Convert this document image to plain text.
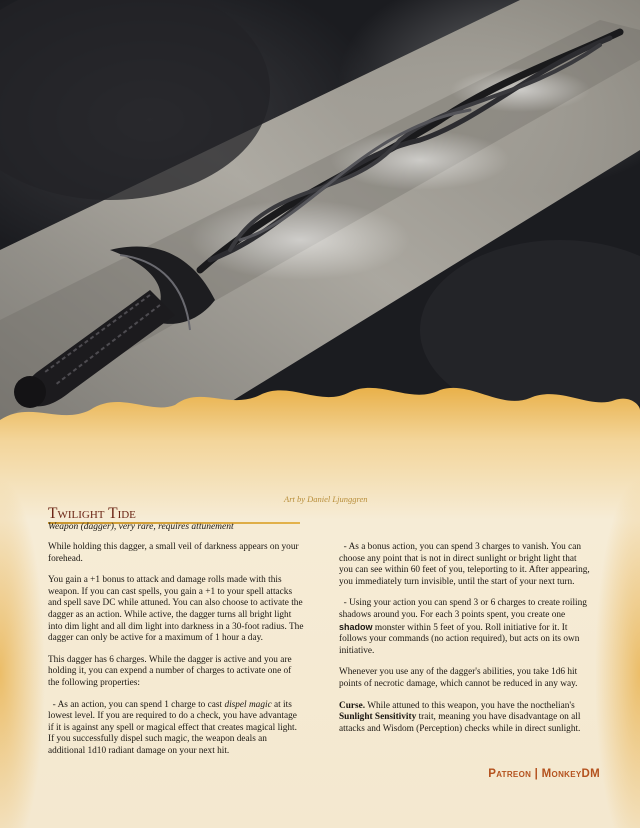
Art by Daniel Ljunggren
Twilight Tide
Weapon (dagger), very rare, requires attunement

While holding this dagger, a small veil of darkness appears on your forehead.

You gain a +1 bonus to attack and damage rolls made with this weapon. If you can cast spells, you gain a +1 to your spell attacks and spell save DC while attuned. You can also choose to activate the dagger as an action. While active, the dagger turns all bright light into dim light and all dim light into darkness in a 30-foot radius. The dagger can only be active for a maximum of 1 hour a day.

This dagger has 6 charges. While the dagger is active and you are holding it, you can expend a number of charges to activate one of the following properties:

- As an action, you can spend 1 charge to cast dispel magic at its lowest level. If you are required to do a check, you have advantage if it is against any spell or magical effect that creates magical light. If you successfully dispel such magic, the weapon deals an additional 1d10 radiant damage on your next hit.

- As a bonus action, you can spend 3 charges to vanish. You can choose any point that is not in direct sunlight or bright light that you can see within 60 feet of you, teleporting to it. After appearing, you immediately turn invisible, until the start of your next turn.

- Using your action you can spend 3 or 6 charges to create roiling shadows around you. For each 3 points spent, you create one shadow monster within 5 feet of you. Roll initiative for it. It follows your commands (no action required), but acts on its own initiative.

Whenever you use any of the dagger's abilities, you take 1d6 hit points of necrotic damage, which cannot be reduced in any way.

Curse. While attuned to this weapon, you have the nocthelian's Sunlight Sensitivity trait, meaning you have disadvantage on all attacks and Wisdom (Perception) checks while in direct sunlight.

Patreon | MonkeyDM
